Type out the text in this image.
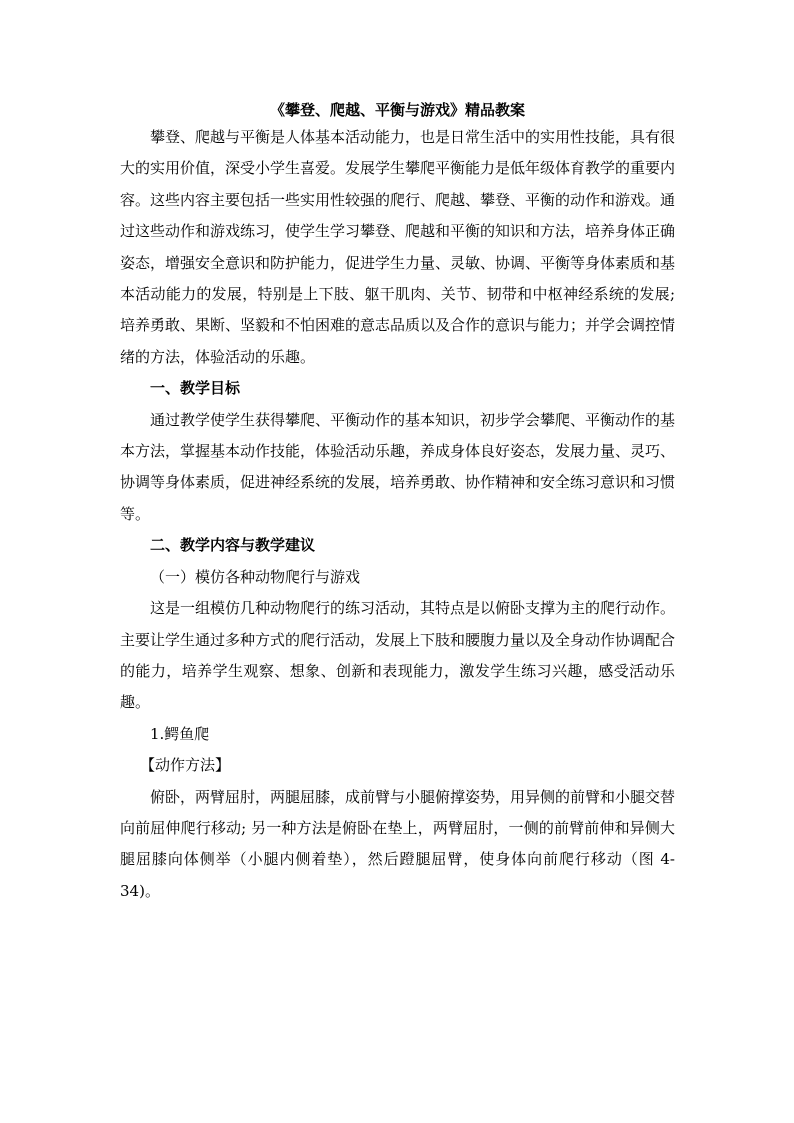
《攀登、爬越、平衡与游戏》精品教案

攀登、爬越与平衡是人体基本活动能力，也是日常生活中的实用性技能，具有很大的实用价值，深受小学生喜爱。发展学生攀爬平衡能力是低年级体育教学的重要内容。这些内容主要包括一些实用性较强的爬行、爬越、攀登、平衡的动作和游戏。通过这些动作和游戏练习，使学生学习攀登、爬越和平衡的知识和方法，培养身体正确姿态，增强安全意识和防护能力，促进学生力量、灵敏、协调、平衡等身体素质和基本活动能力的发展，特别是上下肢、躯干肌肉、关节、韧带和中枢神经系统的发展; 培养勇敢、果断、坚毅和不怕困难的意志品质以及合作的意识与能力；并学会调控情绪的方法，体验活动的乐趣。

一、教学目标

通过教学使学生获得攀爬、平衡动作的基本知识，初步学会攀爬、平衡动作的基本方法，掌握基本动作技能，体验活动乐趣，养成身体良好姿态，发展力量、灵巧、协调等身体素质，促进神经系统的发展，培养勇敢、协作精神和安全练习意识和习惯等。

二、教学内容与教学建议

（一）模仿各种动物爬行与游戏

这是一组模仿几种动物爬行的练习活动，其特点是以俯卧支撑为主的爬行动作。主要让学生通过多种方式的爬行活动，发展上下肢和腰腹力量以及全身动作协调配合的能力，培养学生观察、想象、创新和表现能力，激发学生练习兴趣，感受活动乐趣。

1.鳄鱼爬

【动作方法】

俯卧，两臂屈肘，两腿屈膝，成前臂与小腿俯撑姿势，用异侧的前臂和小腿交替向前屈伸爬行移动; 另一种方法是俯卧在垫上，两臂屈肘，一侧的前臂前伸和异侧大腿屈膝向体侧举（小腿内侧着垫），然后蹬腿屈臂，使身体向前爬行移动（图 4-34)。
